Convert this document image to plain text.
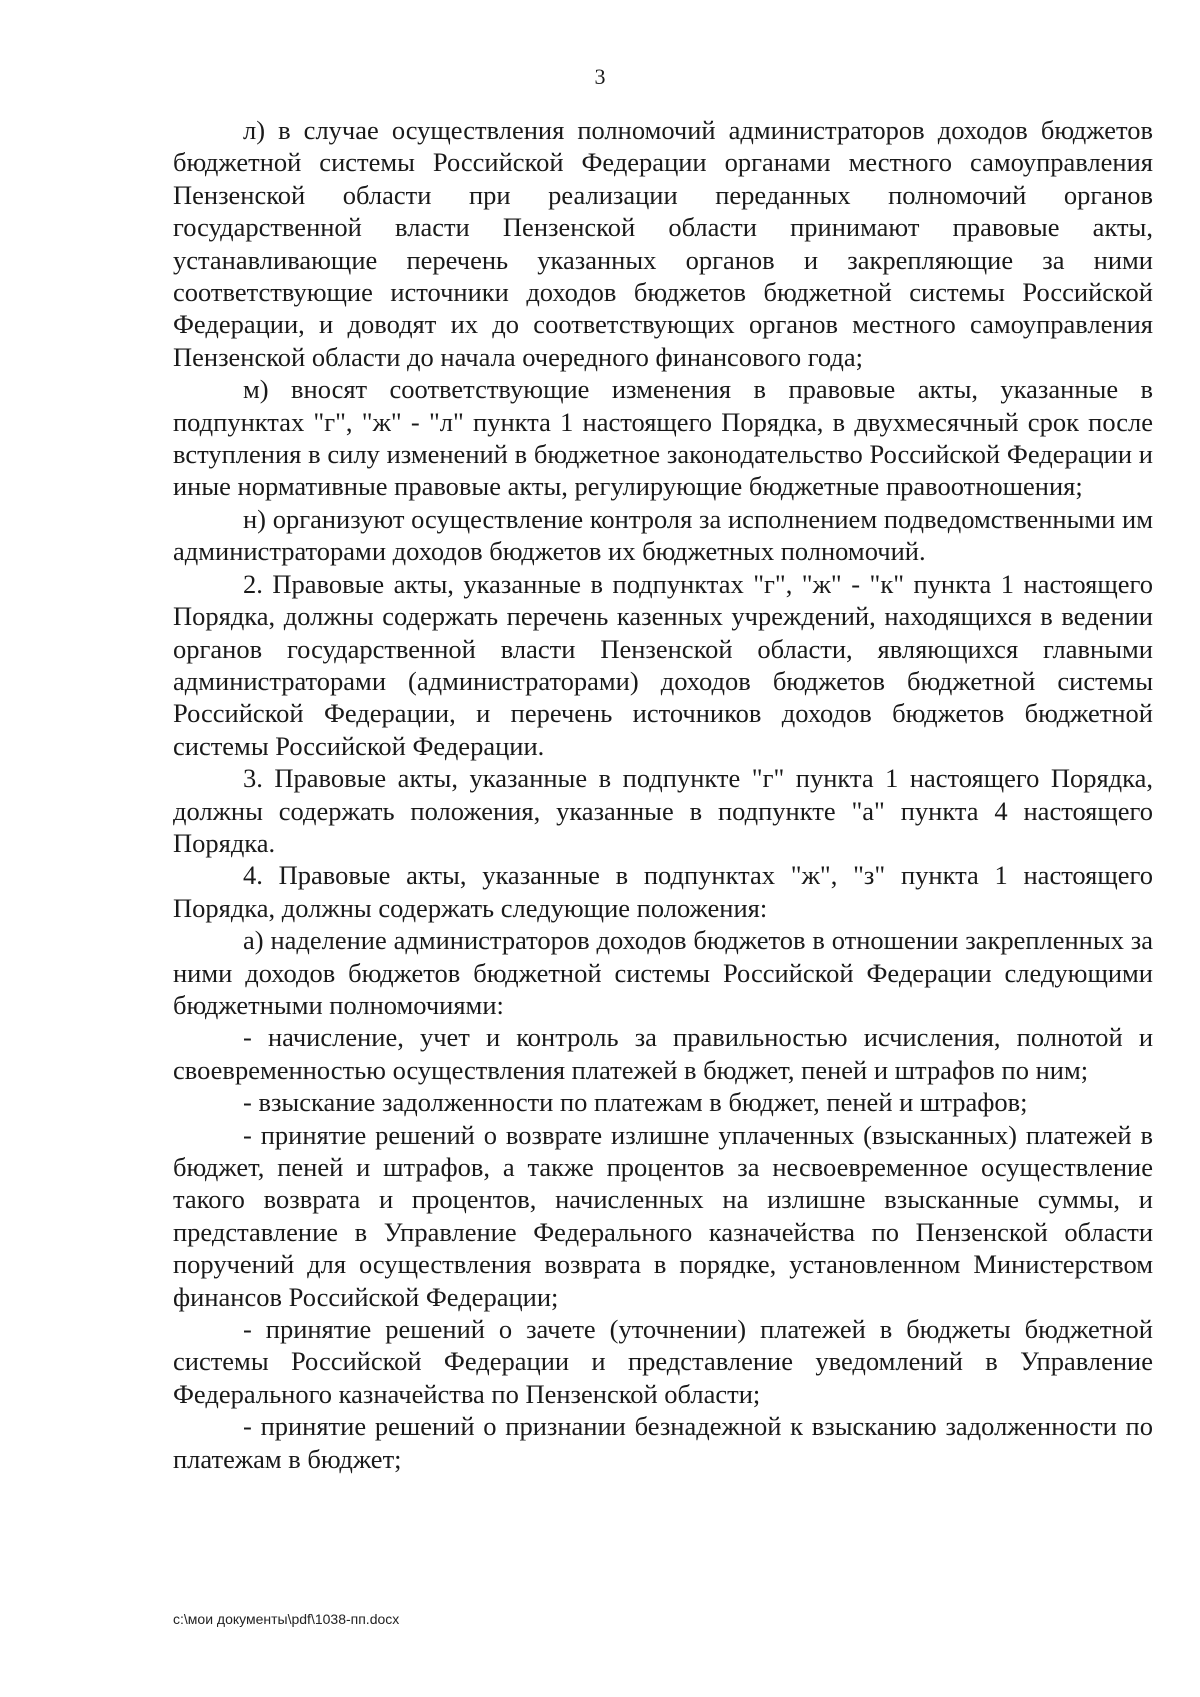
3

л) в случае осуществления полномочий администраторов доходов бюджетов бюджетной системы Российской Федерации органами местного самоуправления Пензенской области при реализации переданных полномочий органов государственной власти Пензенской области принимают правовые акты, устанавливающие перечень указанных органов и закрепляющие за ними соответствующие источники доходов бюджетов бюджетной системы Российской Федерации, и доводят их до соответствующих органов местного самоуправления Пензенской области до начала очередного финансового года;

м) вносят соответствующие изменения в правовые акты, указанные в подпунктах "г", "ж" - "л" пункта 1 настоящего Порядка, в двухмесячный срок после вступления в силу изменений в бюджетное законодательство Российской Федерации и иные нормативные правовые акты, регулирующие бюджетные правоотношения;

н) организуют осуществление контроля за исполнением подведомственными им администраторами доходов бюджетов их бюджетных полномочий.

2. Правовые акты, указанные в подпунктах "г", "ж" - "к" пункта 1 настоящего Порядка, должны содержать перечень казенных учреждений, находящихся в ведении органов государственной власти Пензенской области, являющихся главными администраторами (администраторами) доходов бюджетов бюджетной системы Российской Федерации, и перечень источников доходов бюджетов бюджетной системы Российской Федерации.

3. Правовые акты, указанные в подпункте "г" пункта 1 настоящего Порядка, должны содержать положения, указанные в подпункте "а" пункта 4 настоящего Порядка.

4. Правовые акты, указанные в подпунктах "ж", "з" пункта 1 настоящего Порядка, должны содержать следующие положения:

а) наделение администраторов доходов бюджетов в отношении закрепленных за ними доходов бюджетов бюджетной системы Российской Федерации следующими бюджетными полномочиями:

- начисление, учет и контроль за правильностью исчисления, полнотой и своевременностью осуществления платежей в бюджет, пеней и штрафов по ним;

- взыскание задолженности по платежам в бюджет, пеней и штрафов;

- принятие решений о возврате излишне уплаченных (взысканных) платежей в бюджет, пеней и штрафов, а также процентов за несвоевременное осуществление такого возврата и процентов, начисленных на излишне взысканные суммы, и представление в Управление Федерального казначейства по Пензенской области поручений для осуществления возврата в порядке, установленном Министерством финансов Российской Федерации;

- принятие решений о зачете (уточнении) платежей в бюджеты бюджетной системы Российской Федерации и представление уведомлений в Управление Федерального казначейства по Пензенской области;

- принятие решений о признании безнадежной к взысканию задолженности по платежам в бюджет;

c:\мои документы\pdf\1038-пп.docx
